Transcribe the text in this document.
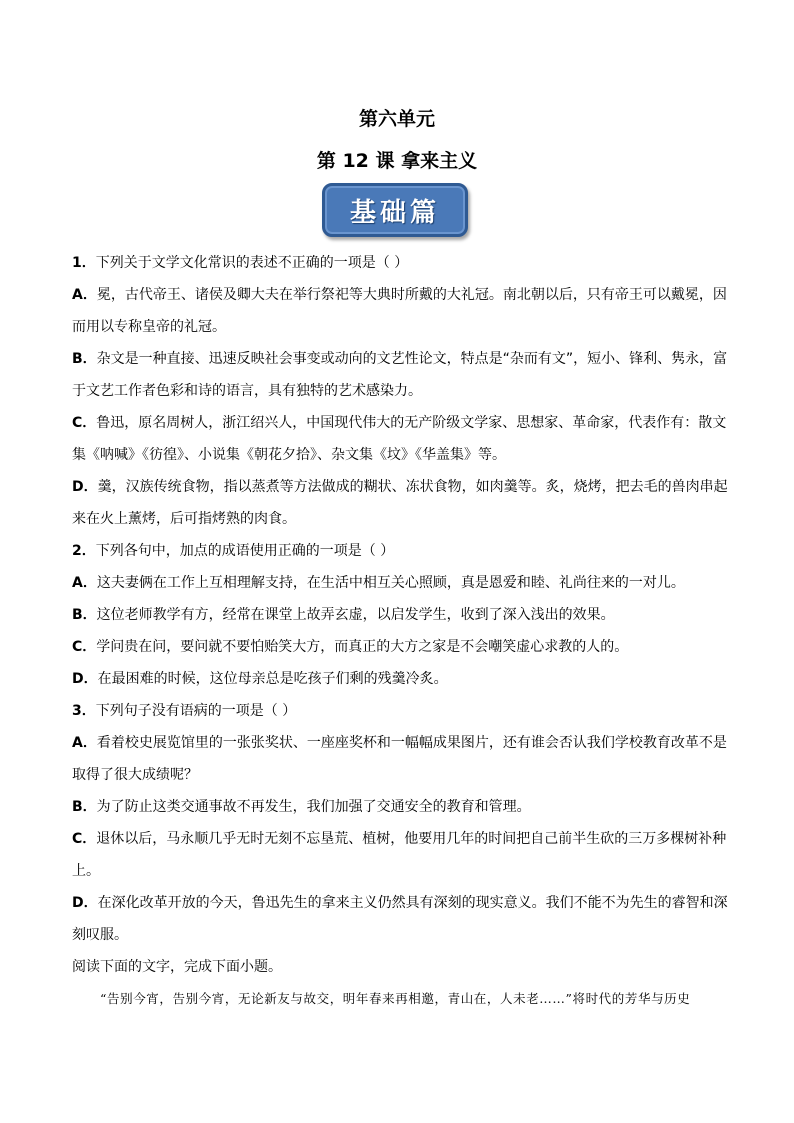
第六单元
第 12 课 拿来主义
基础篇
1．下列关于文学文化常识的表述不正确的一项是（ ）
A．冕，古代帝王、诸侯及卿大夫在举行祭祀等大典时所戴的大礼冠。南北朝以后，只有帝王可以戴冕，因
而用以专称皇帝的礼冠。
B．杂文是一种直接、迅速反映社会事变或动向的文艺性论文，特点是“杂而有文”，短小、锋利、隽永，富
于文艺工作者色彩和诗的语言，具有独特的艺术感染力。
C．鲁迅，原名周树人，浙江绍兴人，中国现代伟大的无产阶级文学家、思想家、革命家，代表作有：散文
集《呐喊》《彷徨》、小说集《朝花夕拾》、杂文集《坟》《华盖集》等。
D．羹，汉族传统食物，指以蒸煮等方法做成的糊状、冻状食物，如肉羹等。炙，烧烤，把去毛的兽肉串起
来在火上薰烤，后可指烤熟的肉食。
2．下列各句中，加点的成语使用正确的一项是（ ）
A．这夫妻俩在工作上互相理解支持，在生活中相互关心照顾，真是恩爱和睦、礼尚往来的一对儿。
B．这位老师教学有方，经常在课堂上故弄玄虚，以启发学生，收到了深入浅出的效果。
C．学问贵在问，要问就不要怕贻笑大方，而真正的大方之家是不会嘲笑虚心求教的人的。
D．在最困难的时候，这位母亲总是吃孩子们剩的残羹冷炙。
3．下列句子没有语病的一项是（ ）
A．看着校史展览馆里的一张张奖状、一座座奖杯和一幅幅成果图片，还有谁会否认我们学校教育改革不是
取得了很大成绩呢？
B．为了防止这类交通事故不再发生，我们加强了交通安全的教育和管理。
C．退休以后，马永顺几乎无时无刻不忘垦荒、植树，他要用几年的时间把自己前半生砍的三万多棵树补种
上。
D．在深化改革开放的今天，鲁迅先生的拿来主义仍然具有深刻的现实意义。我们不能不为先生的睿智和深
刻叹服。
阅读下面的文字，完成下面小题。
“告别今宵，告别今宵，无论新友与故交，明年春来再相邀，青山在，人未老……”将时代的芳华与历史
